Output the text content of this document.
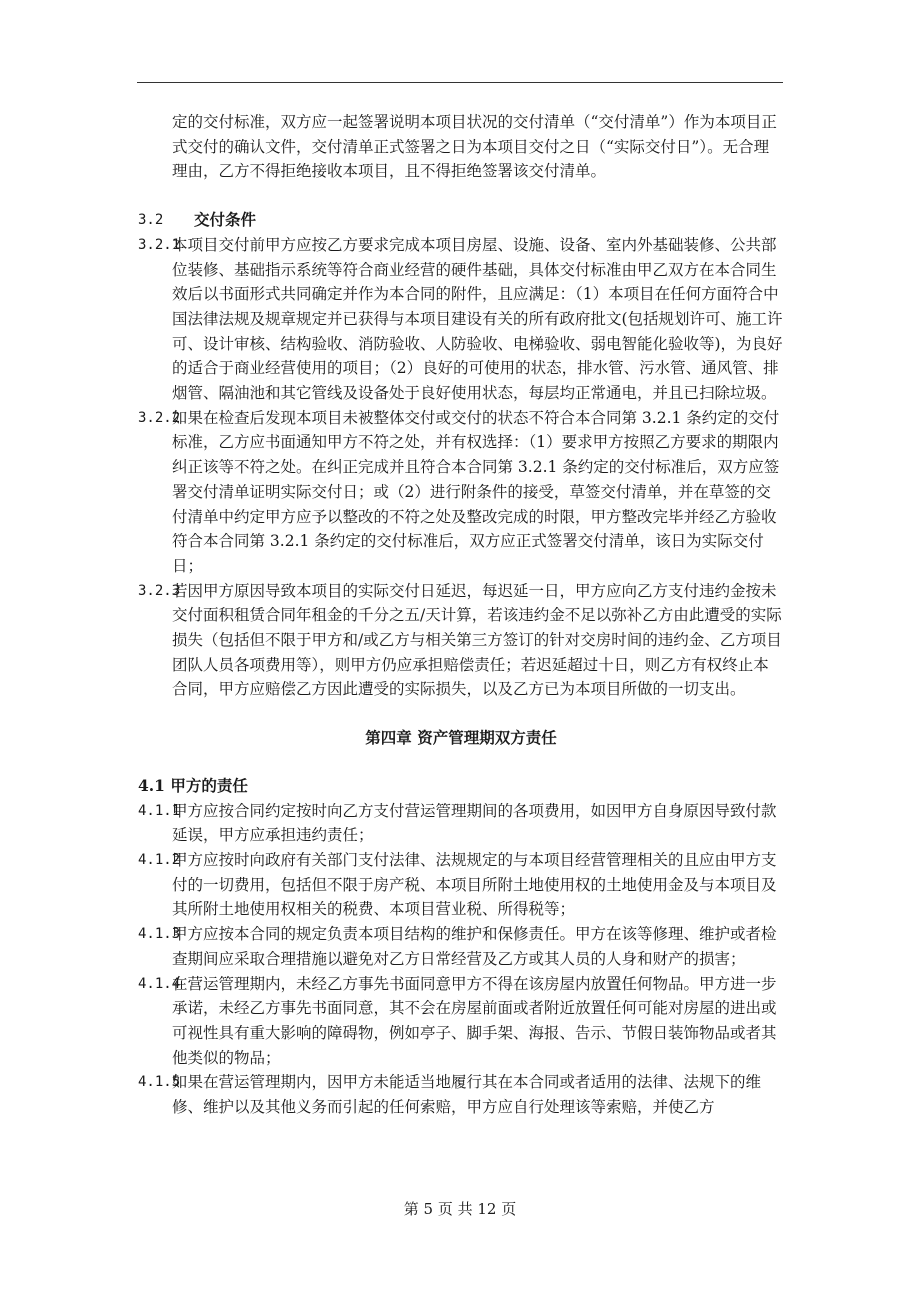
定的交付标准，双方应一起签署说明本项目状况的交付清单（“交付清单”）作为本项目正式交付的确认文件，交付清单正式签署之日为本项目交付之日（“实际交付日”）。无合理理由，乙方不得拒绝接收本项目，且不得拒绝签署该交付清单。

3.2	交付条件
3.2.1
本项目交付前甲方应按乙方要求完成本项目房屋、设施、设备、室内外基础装修、公共部位装修、基础指示系统等符合商业经营的硬件基础，具体交付标准由甲乙双方在本合同生效后以书面形式共同确定并作为本合同的附件，且应满足：（1）本项目在任何方面符合中国法律法规及规章规定并已获得与本项目建设有关的所有政府批文(包括规划许可、施工许可、设计审核、结构验收、消防验收、人防验收、电梯验收、弱电智能化验收等)，为良好的适合于商业经营使用的项目；（2）良好的可使用的状态，排水管、污水管、通风管、排烟管、隔油池和其它管线及设备处于良好使用状态，每层均正常通电，并且已扫除垃圾。
3.2.2
如果在检查后发现本项目未被整体交付或交付的状态不符合本合同第 3.2.1 条约定的交付标准，乙方应书面通知甲方不符之处，并有权选择：（1）要求甲方按照乙方要求的期限内纠正该等不符之处。在纠正完成并且符合本合同第 3.2.1 条约定的交付标准后，双方应签署交付清单证明实际交付日；或（2）进行附条件的接受，草签交付清单，并在草签的交付清单中约定甲方应予以整改的不符之处及整改完成的时限，甲方整改完毕并经乙方验收符合本合同第 3.2.1 条约定的交付标准后，双方应正式签署交付清单，该日为实际交付日；
3.2.3
若因甲方原因导致本项目的实际交付日延迟，每迟延一日，甲方应向乙方支付违约金按未交付面积租赁合同年租金的千分之五/天计算，若该违约金不足以弥补乙方由此遭受的实际损失（包括但不限于甲方和/或乙方与相关第三方签订的针对交房时间的违约金、乙方项目团队人员各项费用等），则甲方仍应承担赔偿责任；若迟延超过十日，则乙方有权终止本合同，甲方应赔偿乙方因此遭受的实际损失，以及乙方已为本项目所做的一切支出。
第四章 资产管理期双方责任
4.1 甲方的责任
4.1.1
甲方应按合同约定按时向乙方支付营运管理期间的各项费用，如因甲方自身原因导致付款延误，甲方应承担违约责任；
4.1.2
甲方应按时向政府有关部门支付法律、法规规定的与本项目经营管理相关的且应由甲方支付的一切费用，包括但不限于房产税、本项目所附土地使用权的土地使用金及与本项目及其所附土地使用权相关的税费、本项目营业税、所得税等；
4.1.3
甲方应按本合同的规定负责本项目结构的维护和保修责任。甲方在该等修理、维护或者检查期间应采取合理措施以避免对乙方日常经营及乙方或其人员的人身和财产的损害；
4.1.4
在营运管理期内，未经乙方事先书面同意甲方不得在该房屋内放置任何物品。甲方进一步承诺，未经乙方事先书面同意，其不会在房屋前面或者附近放置任何可能对房屋的进出或可视性具有重大影响的障碍物，例如亭子、脚手架、海报、告示、节假日装饰物品或者其他类似的物品；
4.1.5
如果在营运管理期内，因甲方未能适当地履行其在本合同或者适用的法律、法规下的维修、维护以及其他义务而引起的任何索赔，甲方应自行处理该等索赔，并使乙方
第 5 页 共 12 页
